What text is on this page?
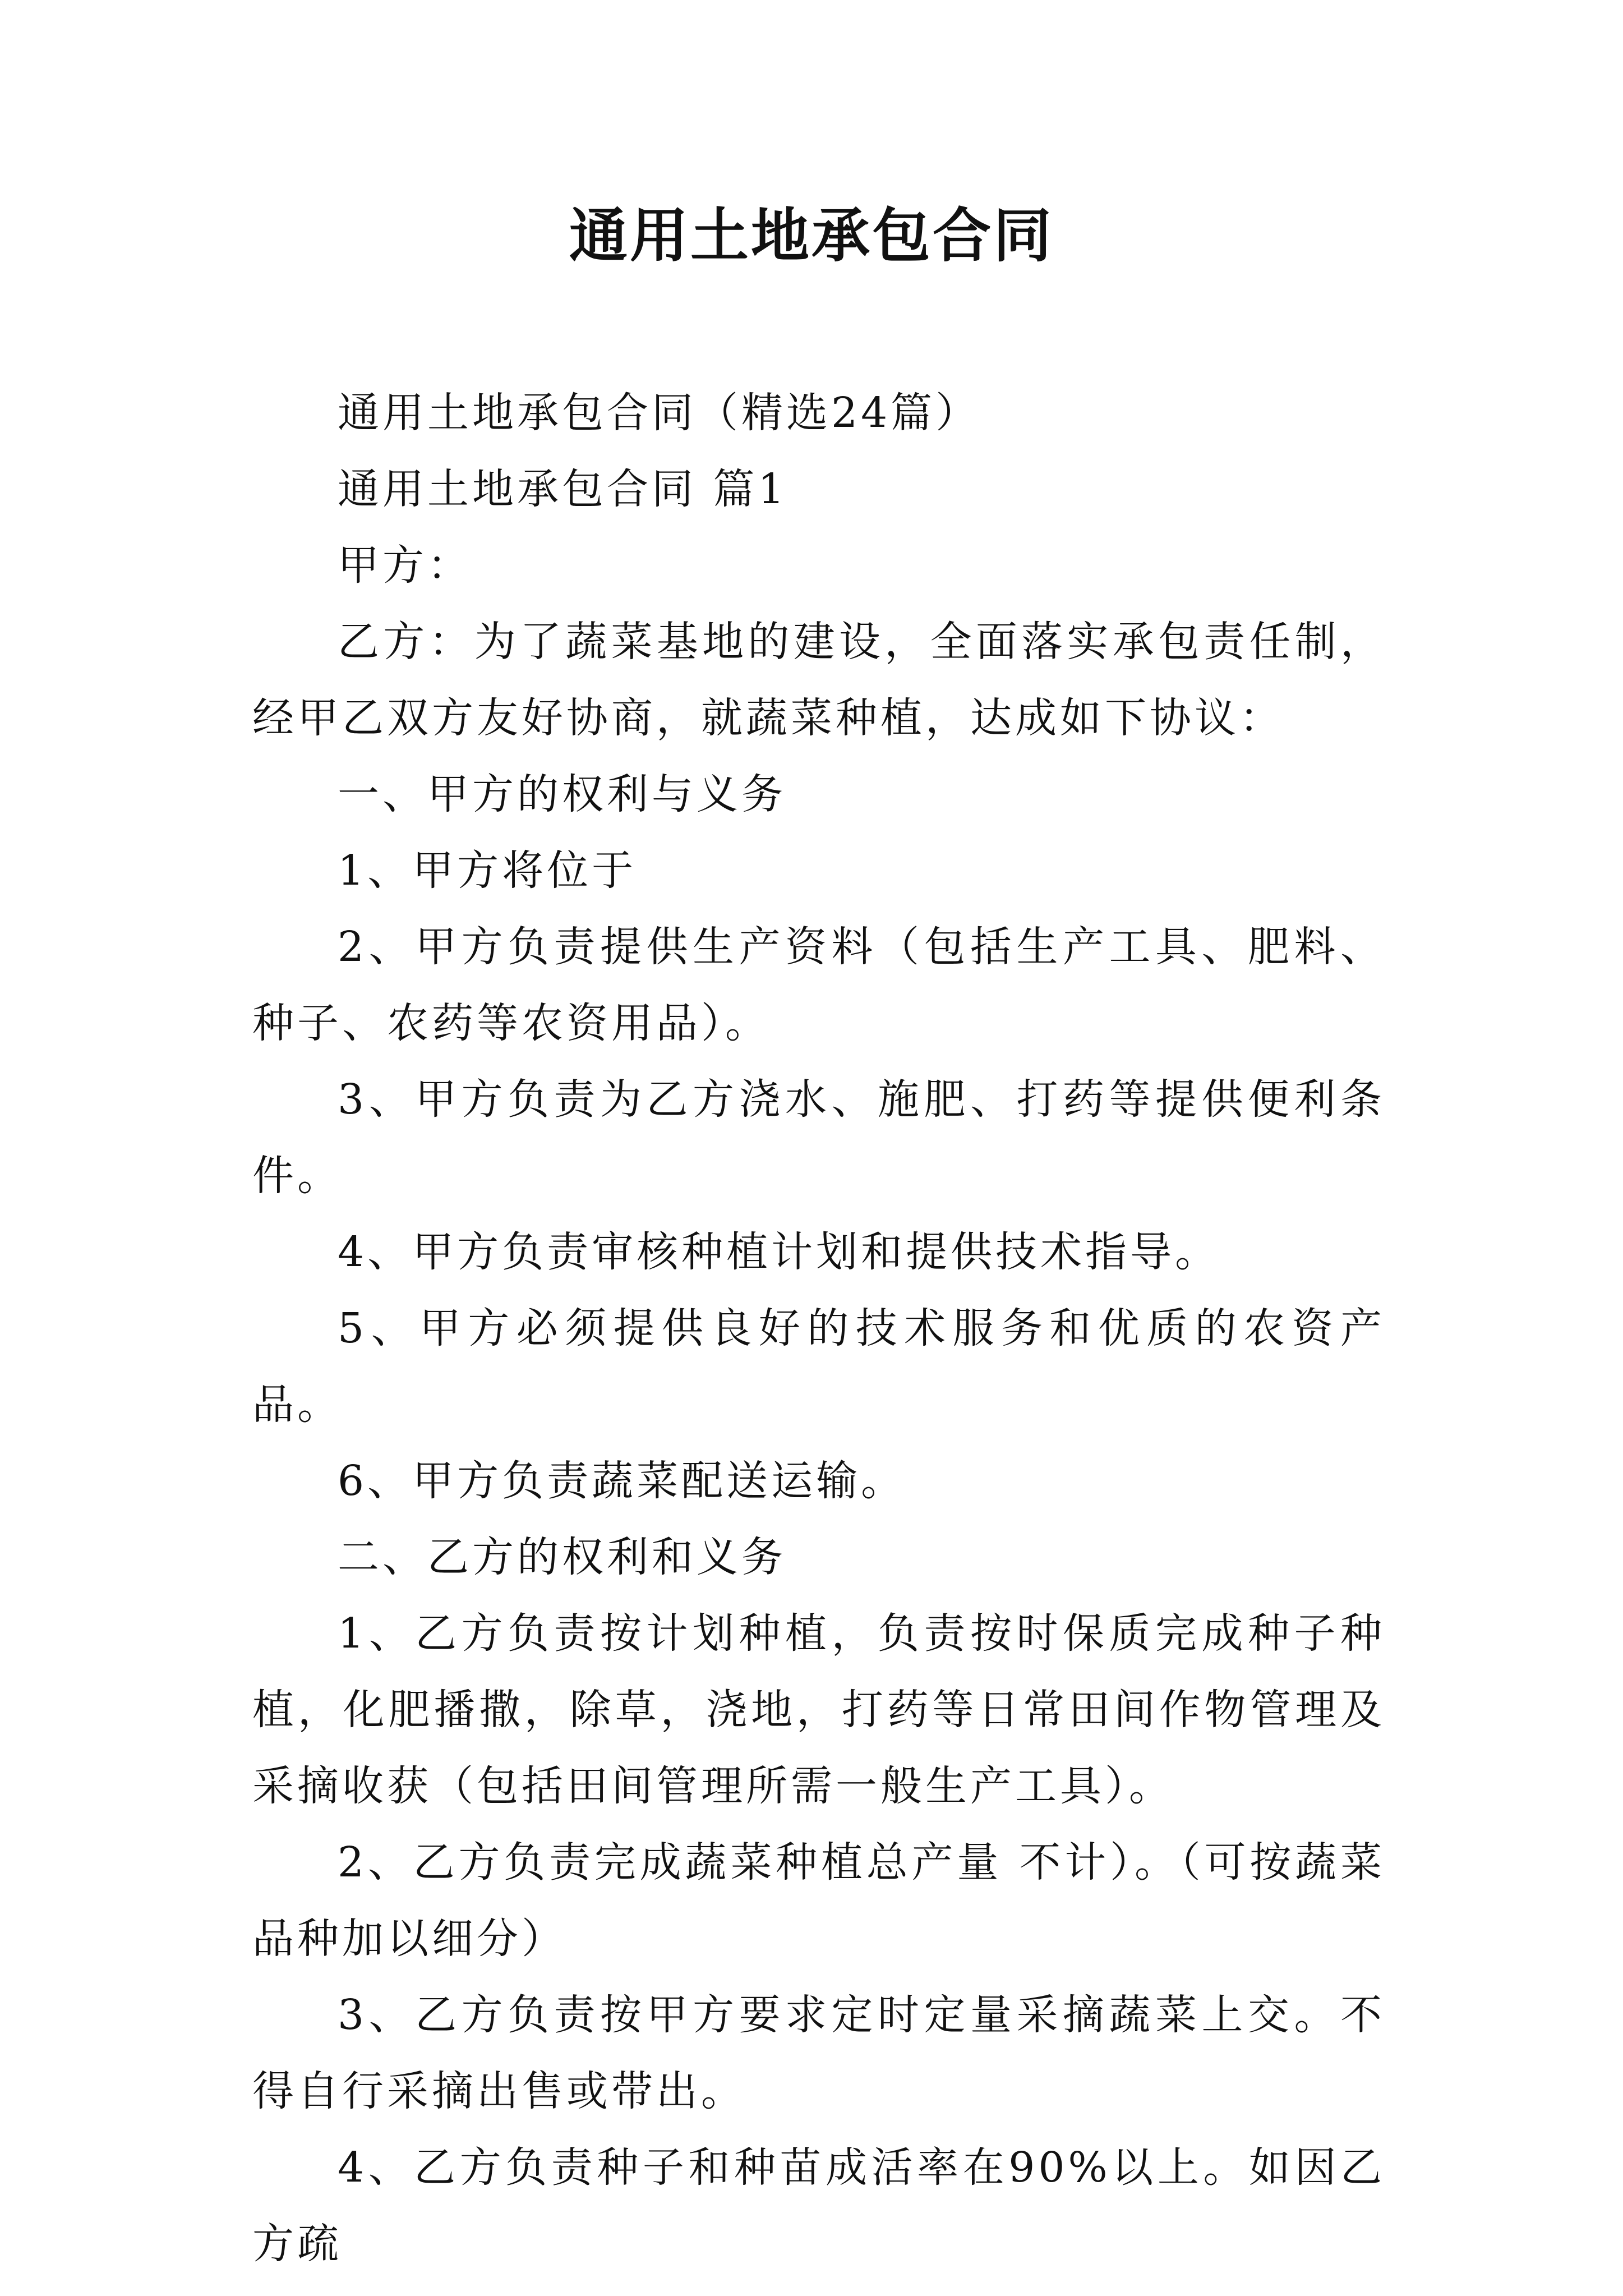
通用土地承包合同

通用土地承包合同（精选24篇）

通用土地承包合同 篇1

甲方：

乙方：为了蔬菜基地的建设，全面落实承包责任制，经甲乙双方友好协商，就蔬菜种植，达成如下协议：

一、甲方的权利与义务

1、甲方将位于

2、甲方负责提供生产资料（包括生产工具、肥料、种子、农药等农资用品）。

3、甲方负责为乙方浇水、施肥、打药等提供便利条件。

4、甲方负责审核种植计划和提供技术指导。

5、甲方必须提供良好的技术服务和优质的农资产品。

6、甲方负责蔬菜配送运输。

二、乙方的权利和义务

1、乙方负责按计划种植，负责按时保质完成种子种植，化肥播撒，除草，浇地，打药等日常田间作物管理及采摘收获（包括田间管理所需一般生产工具）。

2、乙方负责完成蔬菜种植总产量 不计）。（可按蔬菜品种加以细分）

3、乙方负责按甲方要求定时定量采摘蔬菜上交。不得自行采摘出售或带出。

4、乙方负责种子和种苗成活率在90%以上。如因乙方疏
